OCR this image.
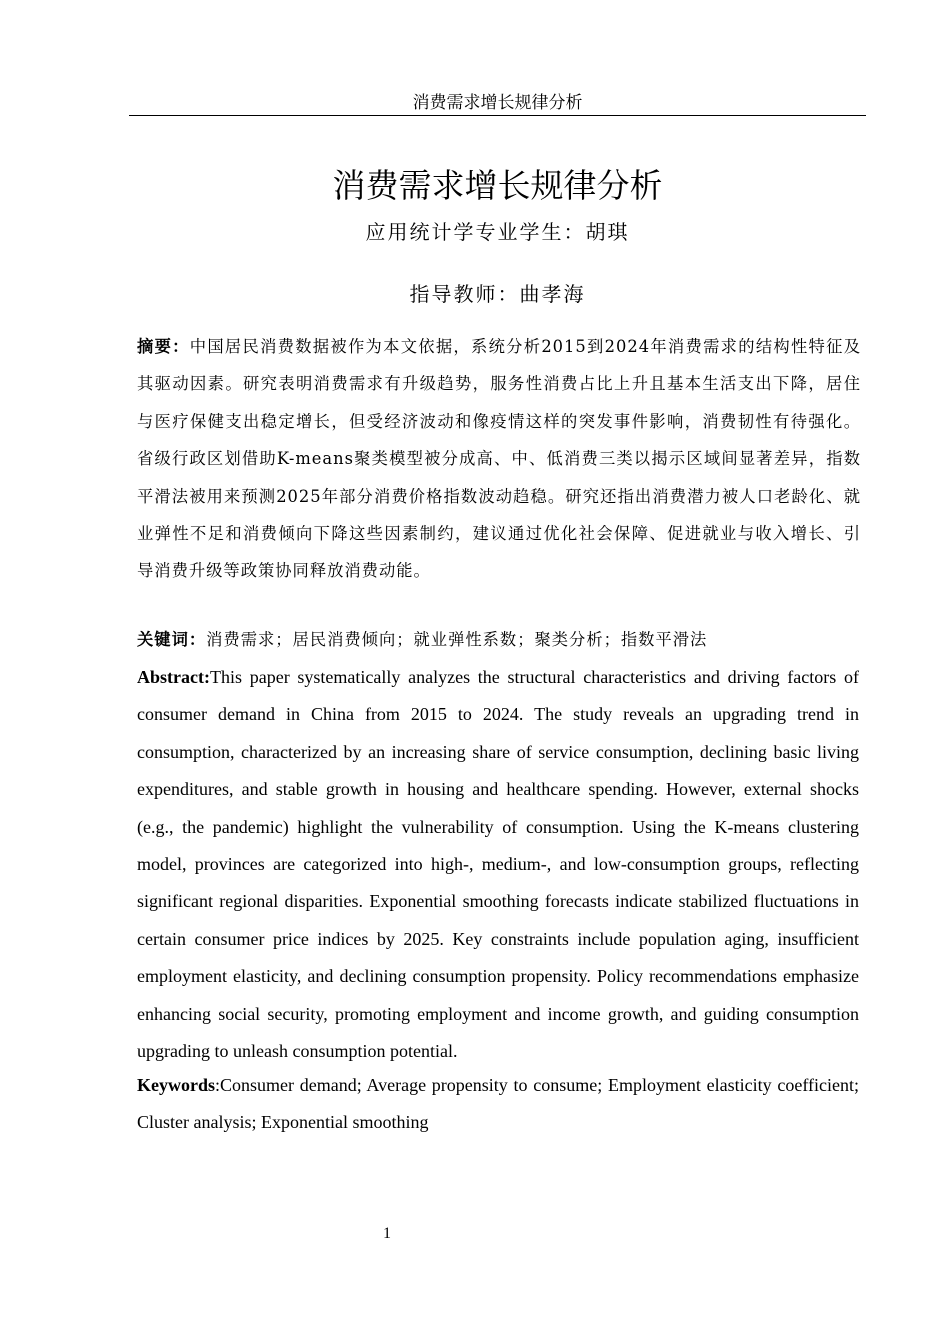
消费需求增长规律分析
消费需求增长规律分析
应用统计学专业学生：胡琪
指导教师：曲孝海

摘要：中国居民消费数据被作为本文依据，系统分析2015到2024年消费需求的结构性特征及其驱动因素。研究表明消费需求有升级趋势，服务性消费占比上升且基本生活支出下降，居住与医疗保健支出稳定增长，但受经济波动和像疫情这样的突发事件影响，消费韧性有待强化。省级行政区划借助K-means聚类模型被分成高、中、低消费三类以揭示区域间显著差异，指数平滑法被用来预测2025年部分消费价格指数波动趋稳。研究还指出消费潜力被人口老龄化、就业弹性不足和消费倾向下降这些因素制约，建议通过优化社会保障、促进就业与收入增长、引导消费升级等政策协同释放消费动能。

关键词：消费需求；居民消费倾向；就业弹性系数；聚类分析；指数平滑法

Abstract:This paper systematically analyzes the structural characteristics and driving factors of consumer demand in China from 2015 to 2024. The study reveals an upgrading trend in consumption, characterized by an increasing share of service consumption, declining basic living expenditures, and stable growth in housing and healthcare spending. However, external shocks (e.g., the pandemic) highlight the vulnerability of consumption. Using the K-means clustering model, provinces are categorized into high-, medium-, and low-consumption groups, reflecting significant regional disparities. Exponential smoothing forecasts indicate stabilized fluctuations in certain consumer price indices by 2025. Key constraints include population aging, insufficient employment elasticity, and declining consumption propensity. Policy recommendations emphasize enhancing social security, promoting employment and income growth, and guiding consumption upgrading to unleash consumption potential.

Keywords:Consumer demand; Average propensity to consume; Employment elasticity coefficient; Cluster analysis; Exponential smoothing

1
